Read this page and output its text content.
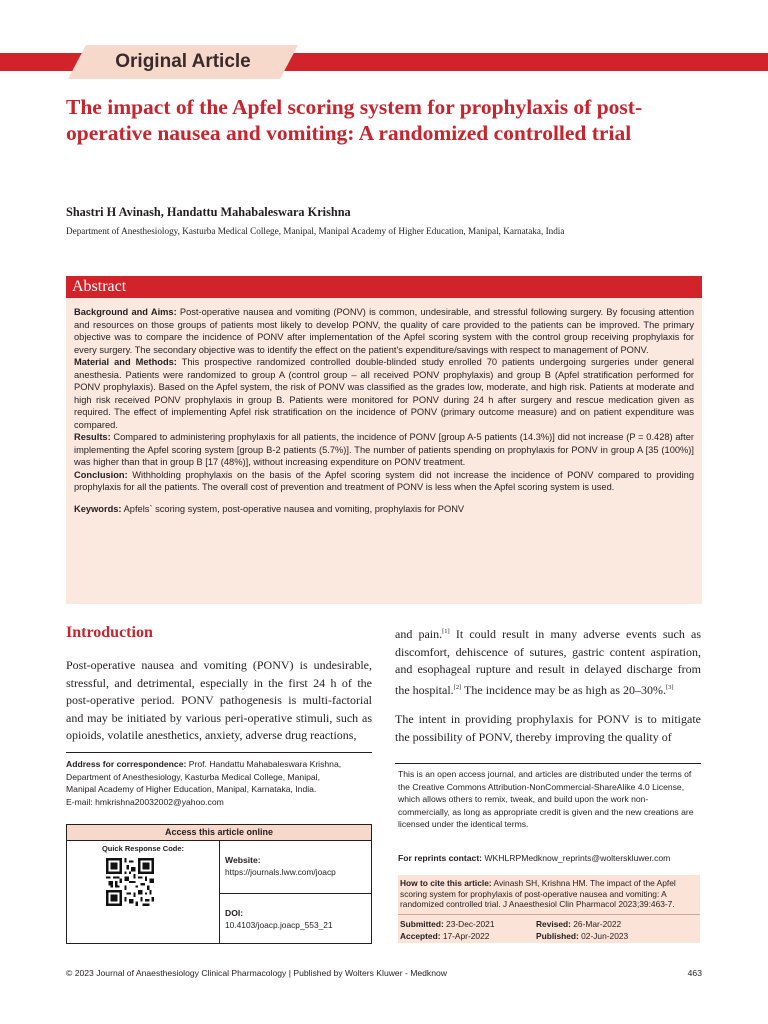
Original Article
The impact of the Apfel scoring system for prophylaxis of post-operative nausea and vomiting: A randomized controlled trial
Shastri H Avinash, Handattu Mahabaleswara Krishna
Department of Anesthesiology, Kasturba Medical College, Manipal, Manipal Academy of Higher Education, Manipal, Karnataka, India
Abstract

Background and Aims: Post-operative nausea and vomiting (PONV) is common, undesirable, and stressful following surgery. By focusing attention and resources on those groups of patients most likely to develop PONV, the quality of care provided to the patients can be improved. The primary objective was to compare the incidence of PONV after implementation of the Apfel scoring system with the control group receiving prophylaxis for every surgery. The secondary objective was to identify the effect on the patient's expenditure/savings with respect to management of PONV.

Material and Methods: This prospective randomized controlled double-blinded study enrolled 70 patients undergoing surgeries under general anesthesia. Patients were randomized to group A (control group – all received PONV prophylaxis) and group B (Apfel stratification performed for PONV prophylaxis). Based on the Apfel system, the risk of PONV was classified as the grades low, moderate, and high risk. Patients at moderate and high risk received PONV prophylaxis in group B. Patients were monitored for PONV during 24 h after surgery and rescue medication given as required. The effect of implementing Apfel risk stratification on the incidence of PONV (primary outcome measure) and on patient expenditure was compared.

Results: Compared to administering prophylaxis for all patients, the incidence of PONV [group A-5 patients (14.3%)] did not increase (P = 0.428) after implementing the Apfel scoring system [group B-2 patients (5.7%)]. The number of patients spending on prophylaxis for PONV in group A [35 (100%)] was higher than that in group B [17 (48%)], without increasing expenditure on PONV treatment.

Conclusion: Withholding prophylaxis on the basis of the Apfel scoring system did not increase the incidence of PONV compared to providing prophylaxis for all the patients. The overall cost of prevention and treatment of PONV is less when the Apfel scoring system is used.

Keywords: Apfels` scoring system, post-operative nausea and vomiting, prophylaxis for PONV

Introduction

Post-operative nausea and vomiting (PONV) is undesirable, stressful, and detrimental, especially in the first 24 h of the post-operative period. PONV pathogenesis is multi-factorial and may be initiated by various peri-operative stimuli, such as opioids, volatile anesthetics, anxiety, adverse drug reactions,

and pain.[1] It could result in many adverse events such as discomfort, dehiscence of sutures, gastric content aspiration, and esophageal rupture and result in delayed discharge from the hospital.[2] The incidence may be as high as 20–30%.[3]

The intent in providing prophylaxis for PONV is to mitigate the possibility of PONV, thereby improving the quality of

Address for correspondence: Prof. Handattu Mahabaleswara Krishna,
Department of Anesthesiology, Kasturba Medical College, Manipal,
Manipal Academy of Higher Education, Manipal, Karnataka, India.
E-mail: hmkrishna20032002@yahoo.com
Access this article online
Quick Response Code:
Website:
https://journals.lww.com/joacp
DOI:
10.4103/joacp.joacp_553_21
This is an open access journal, and articles are distributed under the terms of the Creative Commons Attribution-NonCommercial-ShareAlike 4.0 License, which allows others to remix, tweak, and build upon the work non-commercially, as long as appropriate credit is given and the new creations are licensed under the identical terms.
For reprints contact: WKHLRPMedknow_reprints@wolterskluwer.com
How to cite this article: Avinash SH, Krishna HM. The impact of the Apfel scoring system for prophylaxis of post-operative nausea and vomiting: A randomized controlled trial. J Anaesthesiol Clin Pharmacol 2023;39:463-7.
Submitted: 23-Dec-2021	Revised: 26-Mar-2022
Accepted: 17-Apr-2022	Published: 02-Jun-2023
© 2023 Journal of Anaesthesiology Clinical Pharmacology | Published by Wolters Kluwer - Medknow	463
